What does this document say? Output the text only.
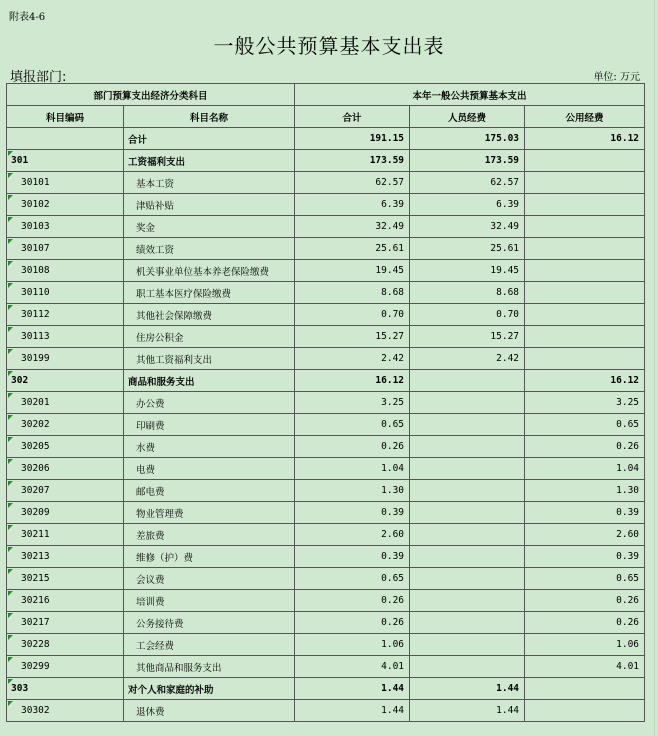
附表4-6
一般公共预算基本支出表
填报部门:	单位: 万元
部门预算支出经济分类科目		本年一般公共预算基本支出		
科目编码	科目名称	合计	人员经费	公用经费
	合计	191.15	175.03	16.12
301	工资福利支出	173.59	173.59	
30101	基本工资	62.57	62.57	
30102	津贴补贴	6.39	6.39	
30103	奖金	32.49	32.49	
30107	绩效工资	25.61	25.61	
30108	机关事业单位基本养老保险缴费	19.45	19.45	
30110	职工基本医疗保险缴费	8.68	8.68	
30112	其他社会保障缴费	0.70	0.70	
30113	住房公积金	15.27	15.27	
30199	其他工资福利支出	2.42	2.42	
302	商品和服务支出	16.12		16.12
30201	办公费	3.25		3.25
30202	印刷费	0.65		0.65
30205	水费	0.26		0.26
30206	电费	1.04		1.04
30207	邮电费	1.30		1.30
30209	物业管理费	0.39		0.39
30211	差旅费	2.60		2.60
30213	维修（护）费	0.39		0.39
30215	会议费	0.65		0.65
30216	培训费	0.26		0.26
30217	公务接待费	0.26		0.26
30228	工会经费	1.06		1.06
30299	其他商品和服务支出	4.01		4.01
303	对个人和家庭的补助	1.44	1.44	
30302	退休费	1.44	1.44	
